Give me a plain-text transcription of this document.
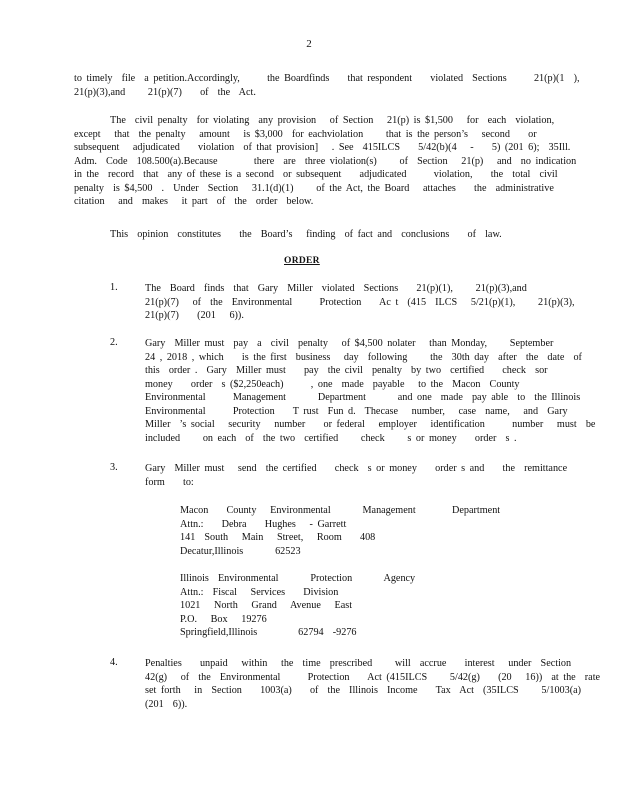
2
to timely  file  a petition.Accordingly,      the Boardfinds    that respondent    violated  Sections      21(p)(1  ),
21(p)(3),and     21(p)(7)    of  the  Act.
The  civil penalty  for violating  any provision   of Section   21(p) is $1,500   for  each  violation,
except   that  the penalty   amount   is $3,000  for eachviolation     that is the person’s   second    or
subsequent   adjudicated    violation  of that provision]   . See  415ILCS    5/42(b)(4   -    5) (201 6);  35Ill.
Adm.  Code  108.500(a).Because        there  are  three violation(s)     of  Section   21(p)   and  no indication
in the  record  that  any of these is a second  or subsequent    adjudicated      violation,    the  total  civil
penalty  is $4,500  .  Under  Section   31.1(d)(1)     of the Act, the Board   attaches    the  administrative
citation   and  makes   it part  of  the  order  below.
This  opinion  constitutes    the  Board’s   finding  of fact and  conclusions    of  law.
ORDER
1.	The  Board  finds  that  Gary  Miller  violated  Sections    21(p)(1),     21(p)(3),and
21(p)(7)   of  the  Environmental      Protection    Ac t  (415  ILCS   5/21(p)(1),     21(p)(3),
21(p)(7)    (201   6)).
2.	Gary  Miller must  pay  a  civil  penalty   of $4,500 nolater   than Monday,     September
24 , 2018 , which    is the first  business   day  following     the  30th day  after  the  date  of
this  order .  Gary  Miller must    pay  the civil  penalty  by two  certified    check  sor
money    order  s ($2,250each)      , one  made  payable   to the  Macon  County
Environmental      Management       Department       and one  made  pay able  to  the Illinois
Environmental      Protection    T rust  Fun d.  Thecase   number,   case  name,   and  Gary
Miller  ’s social   security   number    or federal   employer   identification      number   must  be
included     on each  of  the two  certified     check     s or money    order  s .
3.	Gary  Miller must   send  the certified    check  s or money    order s and    the  remittance
form    to:
Macon    County   Environmental       Management        Department
Attn.:    Debra    Hughes   - Garrett
141  South   Main   Street,   Room    408
Decatur,Illinois       62523
Illinois  Environmental       Protection       Agency
Attn.:  Fiscal   Services    Division
1021   North   Grand   Avenue   East
P.O.   Box   19276
Springfield,Illinois         62794  -9276
4.	Penalties    unpaid   within   the  time  prescribed     will  accrue    interest   under  Section
42(g)   of  the  Environmental      Protection    Act (415ILCS     5/42(g)    (20   16))  at the  rate
set forth   in  Section    1003(a)    of  the  Illinois  Income    Tax  Act  (35ILCS     5/1003(a)
(201  6)).
